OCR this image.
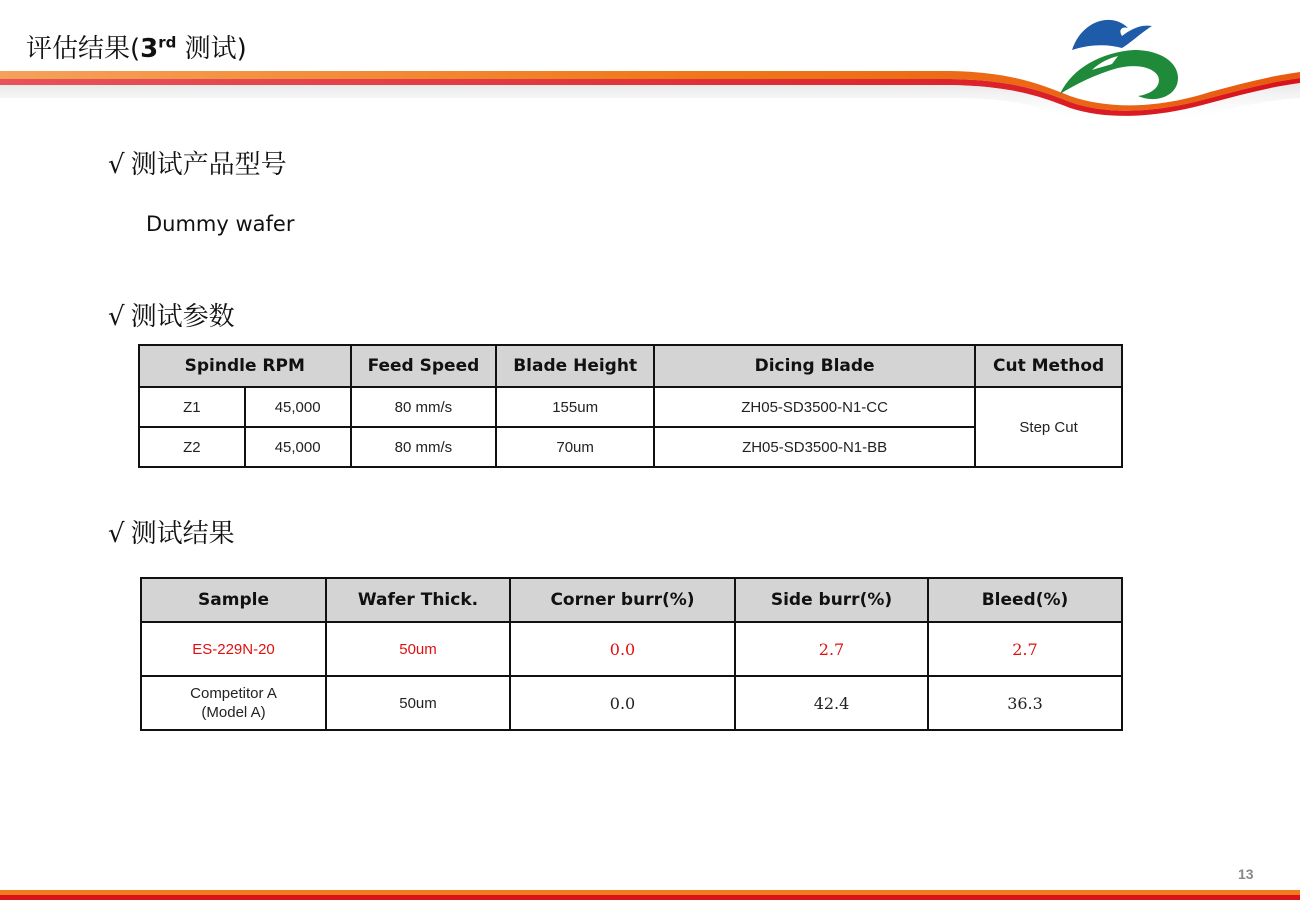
评估结果(3rd 测试)
√ 测试产品型号
Dummy wafer
√ 测试参数
Spindle RPM		Feed Speed	Blade Height	Dicing Blade	Cut Method
Z1	45,000	80 mm/s	155um	ZH05-SD3500-N1-CC	Step Cut
Z2	45,000	80 mm/s	70um	ZH05-SD3500-N1-BB	
√ 测试结果
Sample	Wafer Thick.	Corner burr(%)	Side burr(%)	Bleed(%)
ES-229N-20	50um	0.0	2.7	2.7

Competitor A
(Model A)	50um	0.0	42.4	36.3
13
